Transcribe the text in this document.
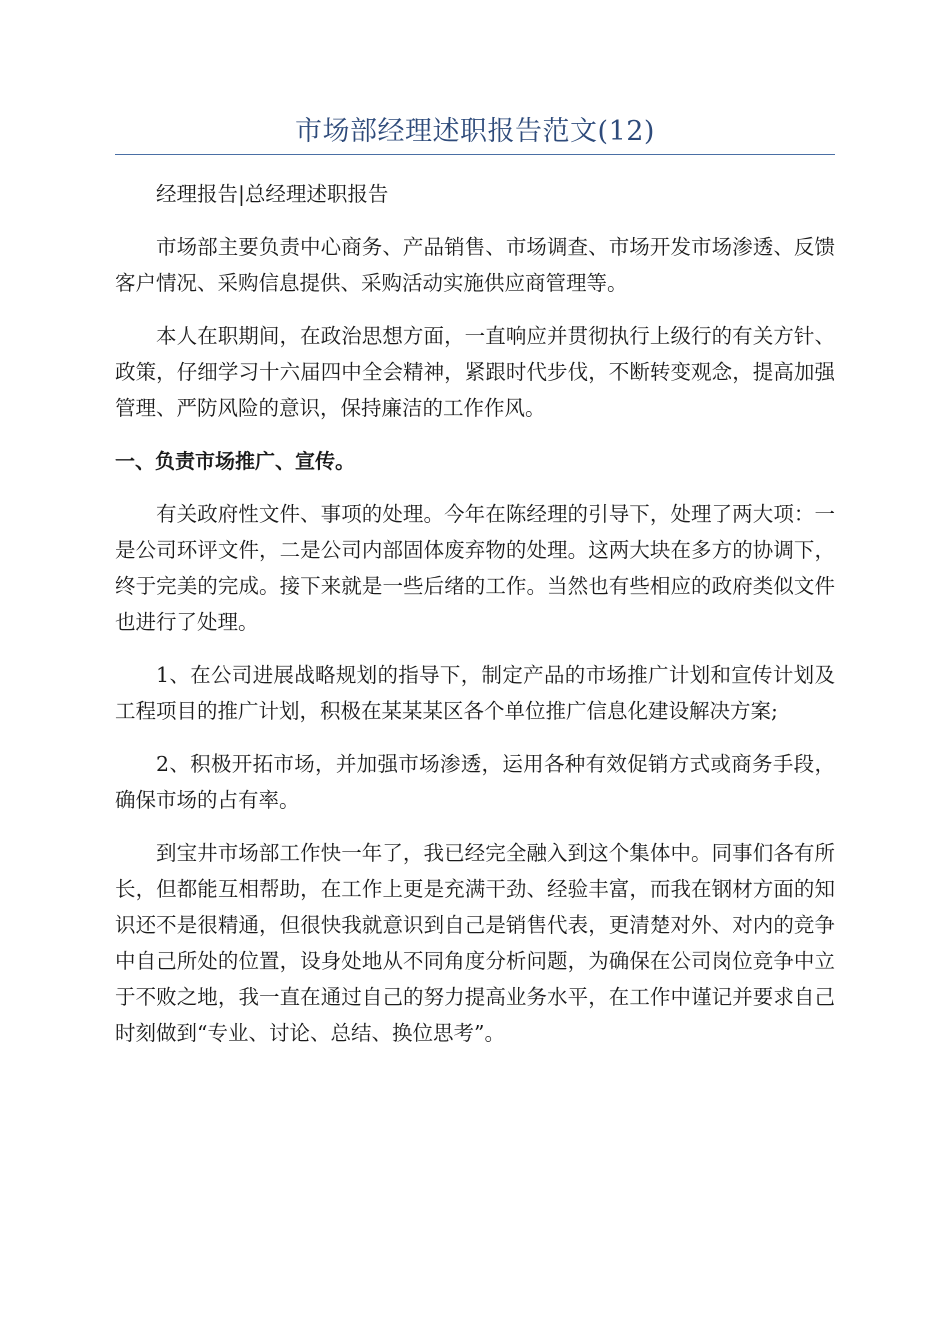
市场部经理述职报告范文(12)

经理报告|总经理述职报告

市场部主要负责中心商务、产品销售、市场调查、市场开发市场渗透、反馈客户情况、采购信息提供、采购活动实施供应商管理等。

本人在职期间，在政治思想方面，一直响应并贯彻执行上级行的有关方针、政策，仔细学习十六届四中全会精神，紧跟时代步伐，不断转变观念，提高加强管理、严防风险的意识，保持廉洁的工作作风。

一、负责市场推广、宣传。

有关政府性文件、事项的处理。今年在陈经理的引导下，处理了两大项：一是公司环评文件，二是公司内部固体废弃物的处理。这两大块在多方的协调下，终于完美的完成。接下来就是一些后绪的工作。当然也有些相应的政府类似文件也进行了处理。

1、在公司进展战略规划的指导下，制定产品的市场推广计划和宣传计划及工程项目的推广计划，积极在某某某区各个单位推广信息化建设解决方案;

2、积极开拓市场，并加强市场渗透，运用各种有效促销方式或商务手段，确保市场的占有率。

到宝井市场部工作快一年了，我已经完全融入到这个集体中。同事们各有所长，但都能互相帮助，在工作上更是充满干劲、经验丰富，而我在钢材方面的知识还不是很精通，但很快我就意识到自己是销售代表，更清楚对外、对内的竞争中自己所处的位置，设身处地从不同角度分析问题，为确保在公司岗位竞争中立于不败之地，我一直在通过自己的努力提高业务水平，在工作中谨记并要求自己时刻做到“专业、讨论、总结、换位思考”。
